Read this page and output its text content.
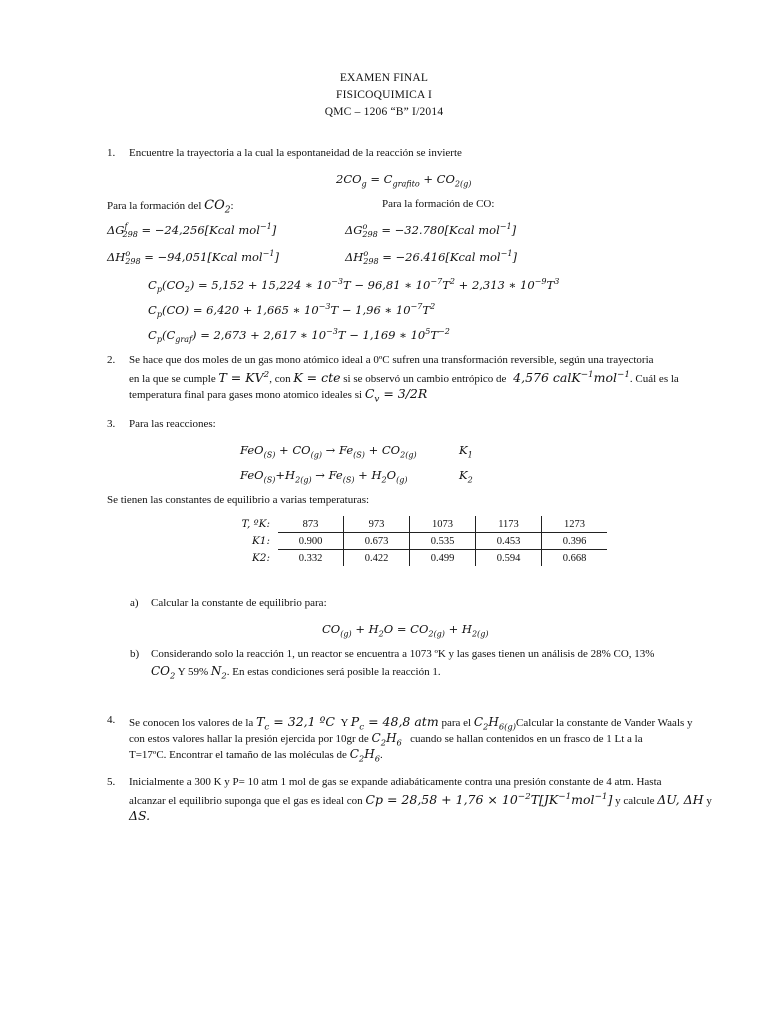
EXAMEN FINAL
FISICOQUIMICA I
QMC – 1206 “B” I/2014
1. Encuentre la trayectoria a la cual la espontaneidad de la reacción se invierte
$2CO_g = C_{grafito} + CO_{2(g)}$
Para la formación del $CO_2$:	Para la formación de CO:
$\Delta G^f_{298}$ = −24,256[Kcal mol$^{-1}$]	$\Delta G^o_{298}$ = −32.780[Kcal mol$^{-1}$]
$\Delta H^o_{298}$ = −94,051[Kcal mol$^{-1}$]	$\Delta H^o_{298}$ = −26.416[Kcal mol$^{-1}$]
$C_p(CO_2) = 5,152 + 15,224$ ∗ $10^{-3}T - 96,81$ ∗ $10^{-7}T^2 + 2,313$ ∗ $10^{-9}T^3$
$C_p(CO) = 6,420 + 1,665$ ∗ $10^{-3}T - 1,96$ ∗ $10^{-7}T^2$
$C_p(C_{graf}) = 2,673 + 2,617$ ∗ $10^{-3}T - 1,169$ ∗ $10^5T^{-2}$
2. Se hace que dos moles de un gas mono atómico ideal a 0ºC sufren una transformación reversible, según una trayectoria
en la que se cumple $T = KV^2$, con K = cte si se observó un cambio entrópico de  4,576 calK$^{-1}$mol$^{-1}$. Cuál es la
temperatura final para gases mono atomico ideales si $C_v = 3/2R$
3. Para las reacciones:
$FeO_{(S)} + CO_{(g)} \to Fe_{(S)} + CO_{2(g)}$	$K_1$
$FeO_{(S)}+H_{2(g)} \to Fe_{(S)} + H_2O_{(g)}$	$K_2$
Se tienen las constantes de equilibrio a varias temperaturas:
T, ºK:	873	973	1073	1173	1273
K1:	0.900	0.673	0.535	0.453	0.396
K2:	0.332	0.422	0.499	0.594	0.668
a) Calcular la constante de equilibrio para:
$CO_{(g)} + H_2O = CO_{2(g)} + H_{2(g)}$
b) Considerando solo la reacción 1, un reactor se encuentra a 1073 ºK y las gases tienen un análisis de 28% CO, 13%
$CO_2$ Y 59% $N_2$. En estas condiciones será posible la reacción 1.
4. Se conocen los valores de la $T_c = 32,1$ ºC  Y $P_c = 48,8$ atm para el $C_2H_{6(g)}Calcular$ la constante de Vander Waals y
con estos valores hallar la presión ejercida por 10gr de $C_2H_6$ cuando se hallan contenidos en un frasco de 1 Lt a la
T=17ºC. Encontrar el tamaño de las moléculas de $C_2H_6$.
5. Inicialmente a 300 K y P= 10 atm 1 mol de gas se expande adiabáticamente contra una presión constante de 4 atm. Hasta
alcanzar el equilibrio suponga que el gas es ideal con $Cp = 28,58 + 1,76 \times 10^{-2}T[JK^{-1}mol^{-1}]$ y calcule ΔU, ΔH y
ΔS.
